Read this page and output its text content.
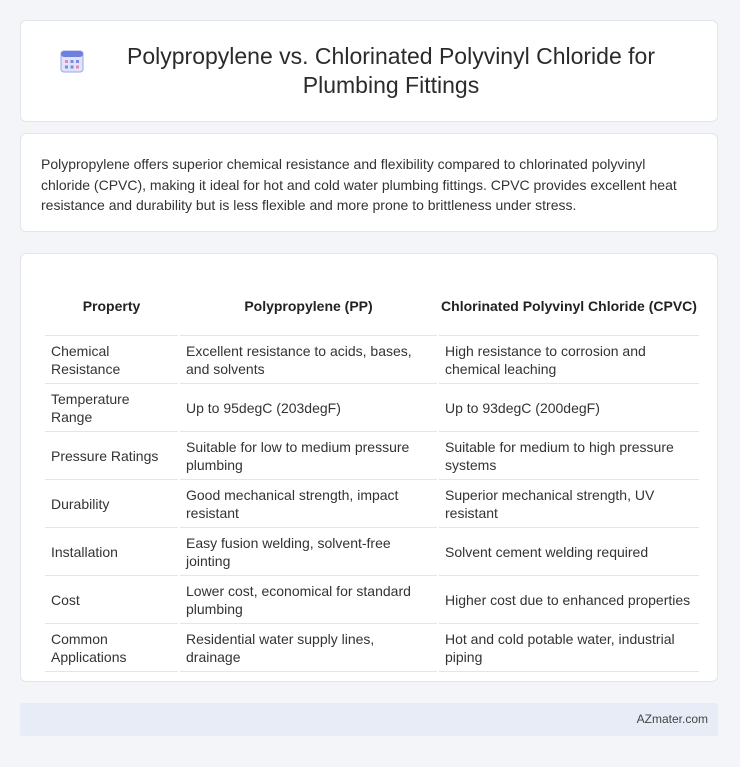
Polypropylene vs. Chlorinated Polyvinyl Chloride for Plumbing Fittings

Polypropylene offers superior chemical resistance and flexibility compared to chlorinated polyvinyl chloride (CPVC), making it ideal for hot and cold water plumbing fittings. CPVC provides excellent heat resistance and durability but is less flexible and more prone to brittleness under stress.

Property	Polypropylene (PP)	Chlorinated Polyvinyl Chloride (CPVC)
Chemical Resistance	Excellent resistance to acids, bases, and solvents	High resistance to corrosion and chemical leaching
Temperature Range	Up to 95degC (203degF)	Up to 93degC (200degF)
Pressure Ratings	Suitable for low to medium pressure plumbing	Suitable for medium to high pressure systems
Durability	Good mechanical strength, impact resistant	Superior mechanical strength, UV resistant
Installation	Easy fusion welding, solvent-free jointing	Solvent cement welding required
Cost	Lower cost, economical for standard plumbing	Higher cost due to enhanced properties
Common Applications	Residential water supply lines, drainage	Hot and cold potable water, industrial piping
AZmater.com
